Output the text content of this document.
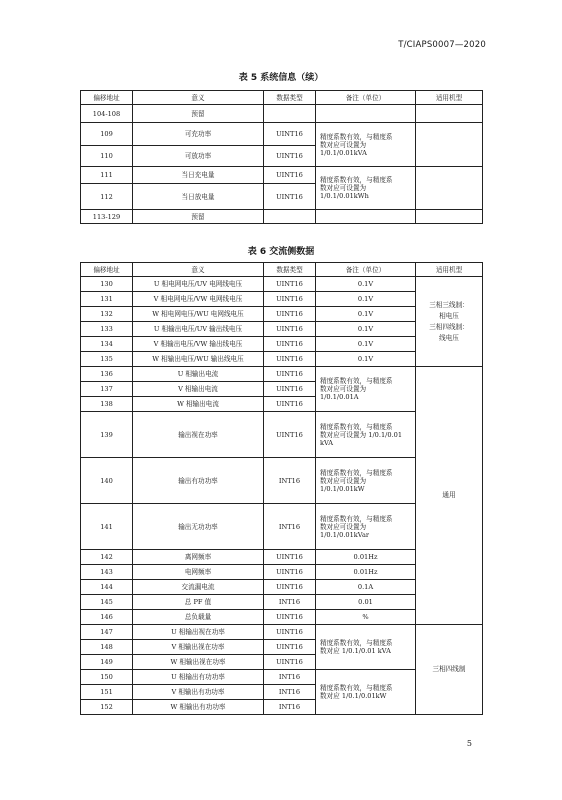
T/CIAPS0007—2020
表 5 系统信息（续）
偏移地址	意义	数据类型	备注（单位）	适用机型
104-108	预留			
109	可充功率	UINT16	精度系数有效，与精度系
数对应可设置为
1/0.1/0.01kVA	
110	可放功率	UINT16		
111	当日充电量	UINT16	精度系数有效，与精度系
数对应可设置为
1/0.1/0.01kWh	
112	当日放电量	UINT16		
113-129	预留			
表 6 交流侧数据
偏移地址	意义	数据类型	备注（单位）	适用机型
130	U 相电网电压/UV 电网线电压	UINT16	0.1V	三相三线制：
相电压
三相四线制：
线电压
131	V 相电网电压/VW 电网线电压	UINT16	0.1V	
132	W 相电网电压/WU 电网线电压	UINT16	0.1V	
133	U 相输出电压/UV 输出线电压	UINT16	0.1V	
134	V 相输出电压/VW 输出线电压	UINT16	0.1V	
135	W 相输出电压/WU 输出线电压	UINT16	0.1V	
136	U 相输出电流	UINT16	精度系数有效，与精度系
数对应可设置为
1/0.1/0.01A	通用
137	V 相输出电流	UINT16		
138	W 相输出电流	UINT16		
139	输出视在功率	UINT16	精度系数有效，与精度系
数对应可设置为 1/0.1/0.01
kVA	
140	输出有功功率	INT16	精度系数有效，与精度系
数对应可设置为
1/0.1/0.01kW	
141	输出无功功率	INT16	精度系数有效，与精度系
数对应可设置为
1/0.1/0.01kVar	
142	离网频率	UINT16	0.01Hz	
143	电网频率	UINT16	0.01Hz	
144	交流漏电流	UINT16	0.1A	
145	总 PF 值	INT16	0.01	
146	总负载量	UINT16	%	
147	U 相输出视在功率	UINT16	精度系数有效，与精度系
数对应 1/0.1/0.01 kVA	三相四线制
148	V 相输出视在功率	UINT16		
149	W 相输出视在功率	UINT16		
150	U 相输出有功功率	INT16	精度系数有效，与精度系
数对应 1/0.1/0.01kW	
151	V 相输出有功功率	INT16		
152	W 相输出有功功率	INT16		
5
